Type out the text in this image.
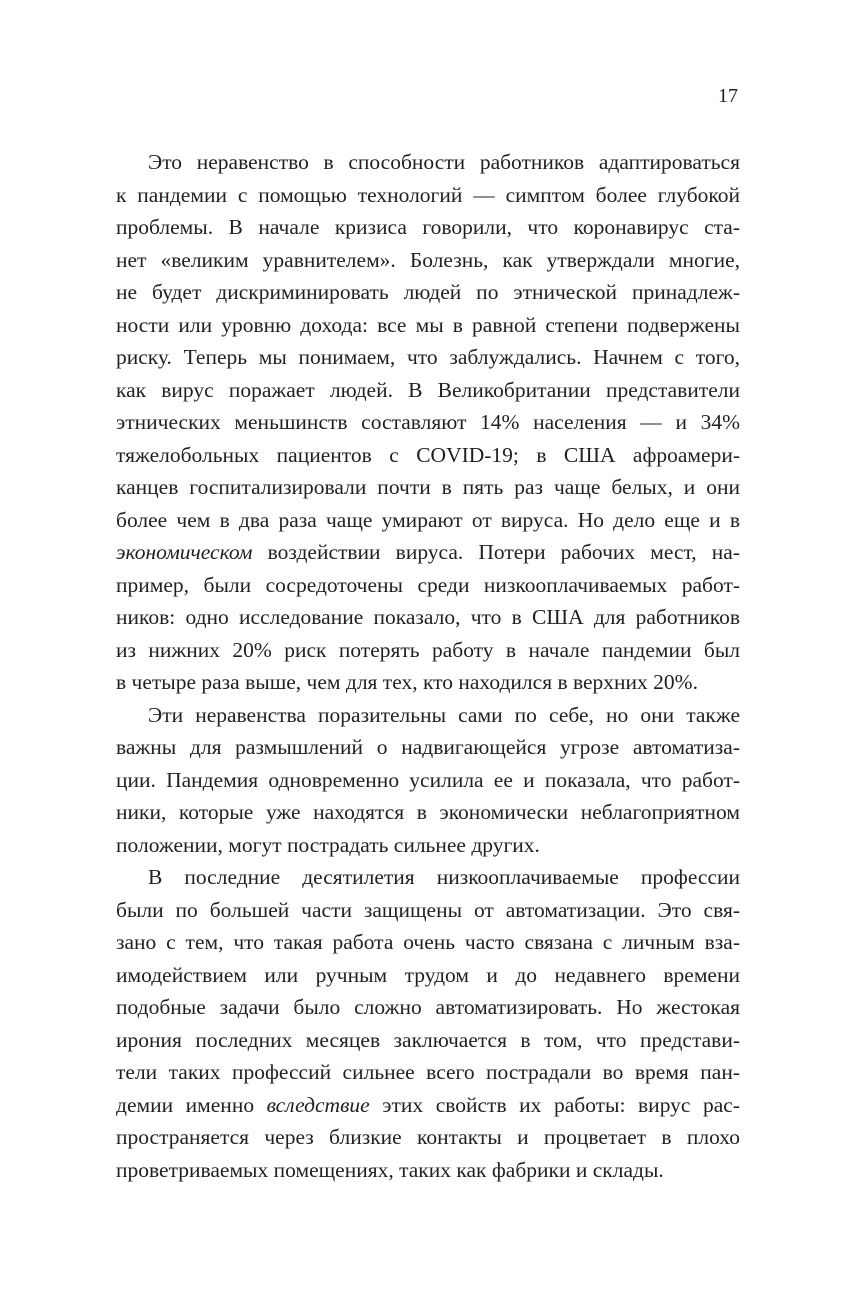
17
Это неравенство в способности работников адаптироваться
к пандемии с помощью технологий — симптом более глубокой
проблемы. В начале кризиса говорили, что коронавирус ста-
нет «великим уравнителем». Болезнь, как утверждали многие,
не будет дискриминировать людей по этнической принадлеж-
ности или уровню дохода: все мы в равной степени подвержены
риску. Теперь мы понимаем, что заблуждались. Начнем с того,
как вирус поражает людей. В Великобритании представители
этнических меньшинств составляют 14% населения — и 34%
тяжелобольных пациентов с COVID-19; в США афроамери-
канцев госпитализировали почти в пять раз чаще белых, и они
более чем в два раза чаще умирают от вируса. Но дело еще и в
экономическом воздействии вируса. Потери рабочих мест, на-
пример, были сосредоточены среди низкооплачиваемых работ-
ников: одно исследование показало, что в США для работников
из нижних 20% риск потерять работу в начале пандемии был
в четыре раза выше, чем для тех, кто находился в верхних 20%.
Эти неравенства поразительны сами по себе, но они также
важны для размышлений о надвигающейся угрозе автоматиза-
ции. Пандемия одновременно усилила ее и показала, что работ-
ники, которые уже находятся в экономически неблагоприятном
положении, могут пострадать сильнее других.
В последние десятилетия низкооплачиваемые профессии
были по большей части защищены от автоматизации. Это свя-
зано с тем, что такая работа очень часто связана с личным вза-
имодействием или ручным трудом и до недавнего времени
подобные задачи было сложно автоматизировать. Но жестокая
ирония последних месяцев заключается в том, что представи-
тели таких профессий сильнее всего пострадали во время пан-
демии именно вследствие этих свойств их работы: вирус рас-
пространяется через близкие контакты и процветает в плохо
проветриваемых помещениях, таких как фабрики и склады.
